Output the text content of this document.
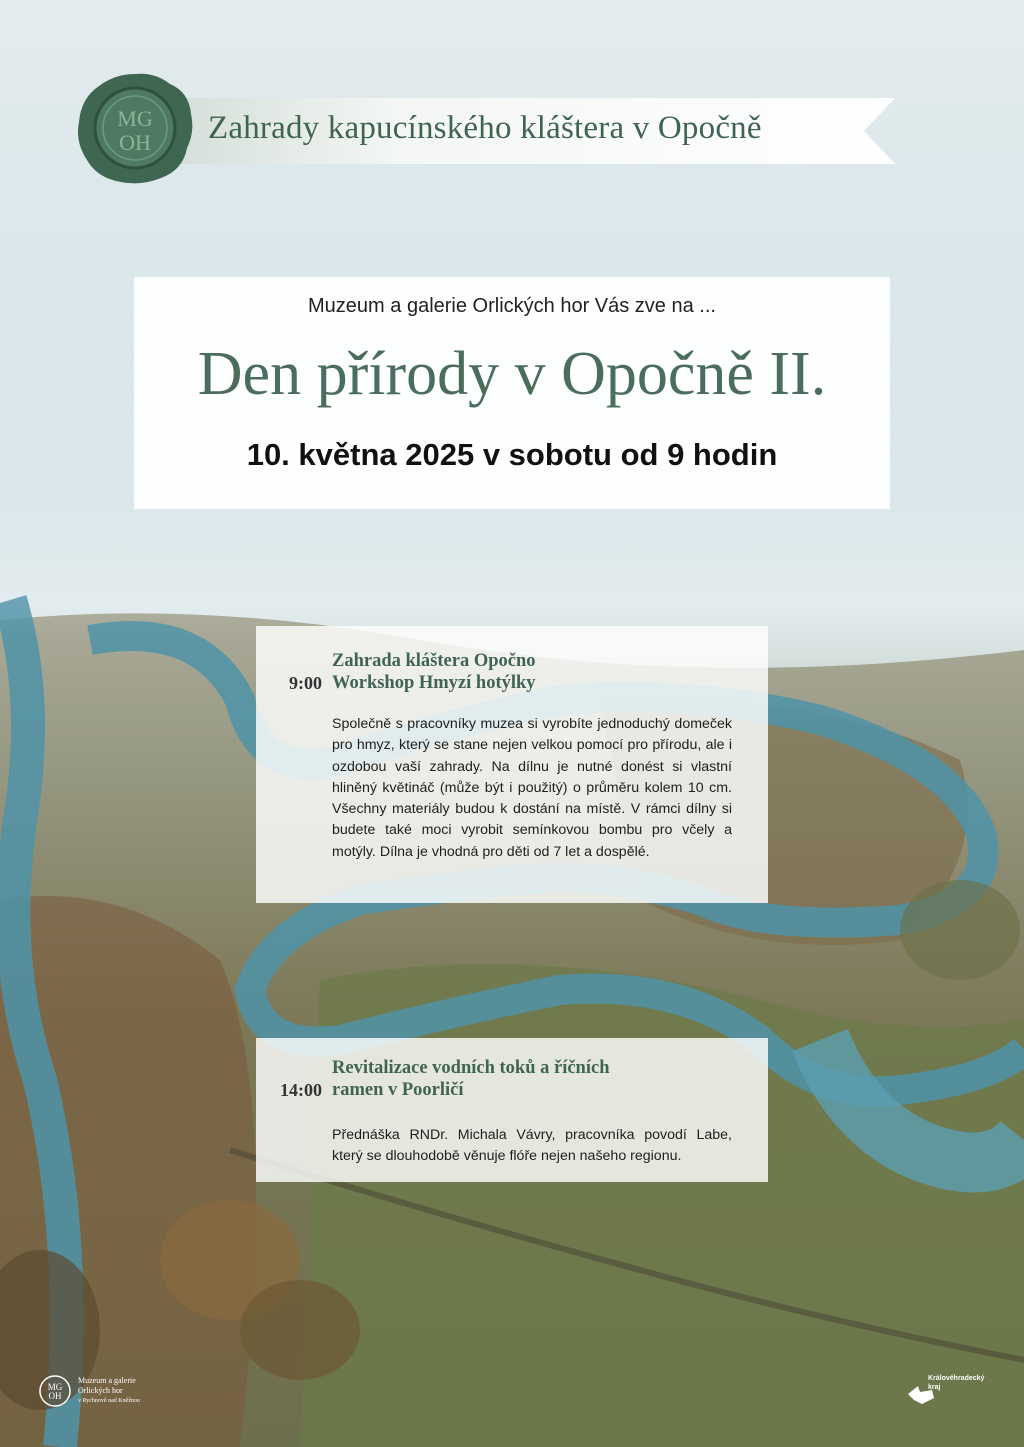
Zahrady kapucínského kláštera v Opočně
MG
OH
Muzeum a galerie Orlických hor Vás zve na ...
Den přírody v Opočně II.
10. května 2025 v sobotu od 9 hodin
9:00
Zahrada kláštera Opočno
Workshop Hmyzí hotýlky
Společně s pracovníky muzea si vyrobíte jednoduchý domeček pro hmyz, který se stane nejen velkou pomocí pro přírodu, ale i ozdobou vaší zahrady. Na dílnu je nutné donést si vlastní hliněný květináč (může být i použitý) o průměru kolem 10 cm. Všechny materiály budou k dostání na místě. V rámci dílny si budete také moci vyrobit semínkovou bombu pro včely a motýly. Dílna je vhodná pro děti od 7 let a dospělé.
14:00
Revitalizace vodních toků a říčních
ramen v Poorličí
Přednáška RNDr. Michala Vávry, pracovníka povodí Labe, který se dlouhodobě věnuje flóře nejen našeho regionu.
MG
OH
Muzeum a galerie
Orlických hor
v Rychnově nad Kněžnou
Královéhradecký
kraj
